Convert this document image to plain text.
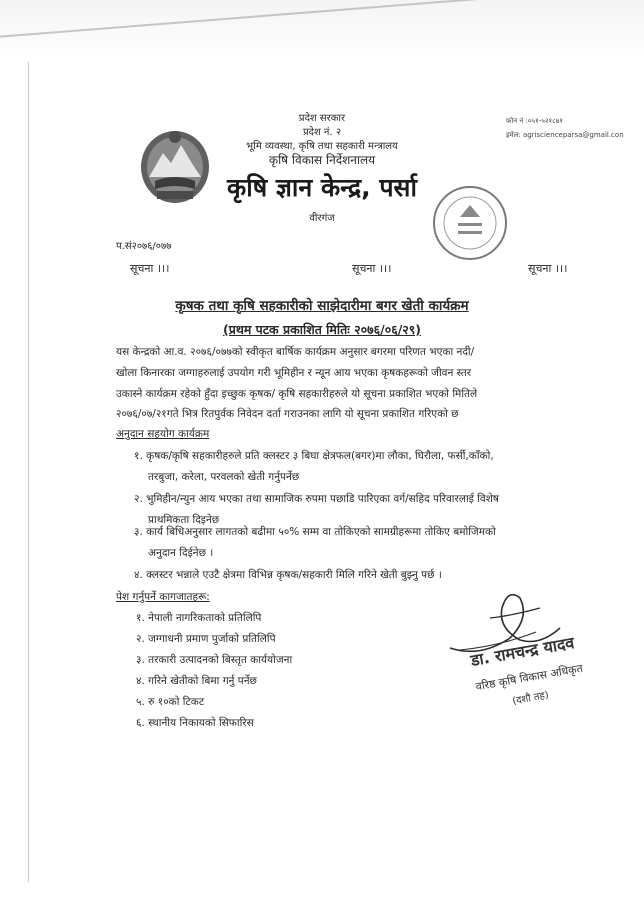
प्रदेश सरकार
प्रदेश नं. २
भूमि व्यवस्था, कृषि तथा सहकारी मन्त्रालय
कृषि विकास निर्देशनालय
कृषि ज्ञान केन्द्र, पर्सा
वीरगंज
फोन नं :०५१-५२१८७१
इमेल: agriscienceparsa@gmail.con
प.सं२०७६/०७७
सूचना ।।।	सूचना ।।।	सूचना ।।।
कृषक तथा कृषि सहकारीको साझेदारीमा बगर खेती कार्यक्रम
(प्रथम पटक प्रकाशित मितिः २०७६/०६/२९)
यस केन्द्रको आ.व. २०७६/०७७को स्वीकृत बार्षिक कार्यक्रम अनुसार बगरमा परिणत भएका नदी/
खोला किनारका जग्गाहरुलाई उपयोग गरी भूमिहीन र न्यून आय भएका कृषकहरूको जीवन स्तर
उकास्ने कार्यक्रम रहेको हुँदा इच्छुक कृषक/ कृषि सहकारीहरुले यो सूचना प्रकाशित भएको मितिले
२०७६/०७/२१गते भित्र रितपुर्वक निवेदन दर्ता गराउनका लागि यो सूचना प्रकाशित गरिएको छ
अनुदान सहयोग कार्यक्रम
१. कृषक/कृषि सहकारीहरुले प्रति क्लस्टर ३ बिघा क्षेत्रफल(बगर)मा लौका, घिरौला, फर्सी,काँको,
तरबुजा, करेला, परवलको खेती गर्नुपर्नेछ
२. भुमिहीन/न्युन आय भएका तथा सामाजिक रुपमा पछाडि पारिएका वर्ग/सहिद परिवारलाई विशेष
प्राथमिकता दिइनेछ
३. कार्य बिधिअनुसार लागतको बढीमा ५०% सम्म वा तोकिएको सामग्रीहरूमा तोकिए बमोजिमको
अनुदान दिईनेछ ।
४. क्लस्टर भन्नाले एउटै क्षेत्रमा विभिन्न कृषक/सहकारी मिलि गरिने खेती बुझ्नु पर्छ ।
पेश गर्नुपर्ने कागजातहरू:
१. नेपाली नागरिकताको प्रतिलिपि
२. जग्गाधनी प्रमाण पुर्जाको प्रतिलिपि
३. तरकारी उत्पादनको बिस्तृत कार्ययोजना
४. गरिने खेतीको बिमा गर्नु पर्नेछ
५. रु १०को टिकट
६. स्थानीय निकायको सिफारिस
डा. रामचन्द्र यादव
वरिष्ठ कृषि विकास अधिकृत
(दशौ तह)
